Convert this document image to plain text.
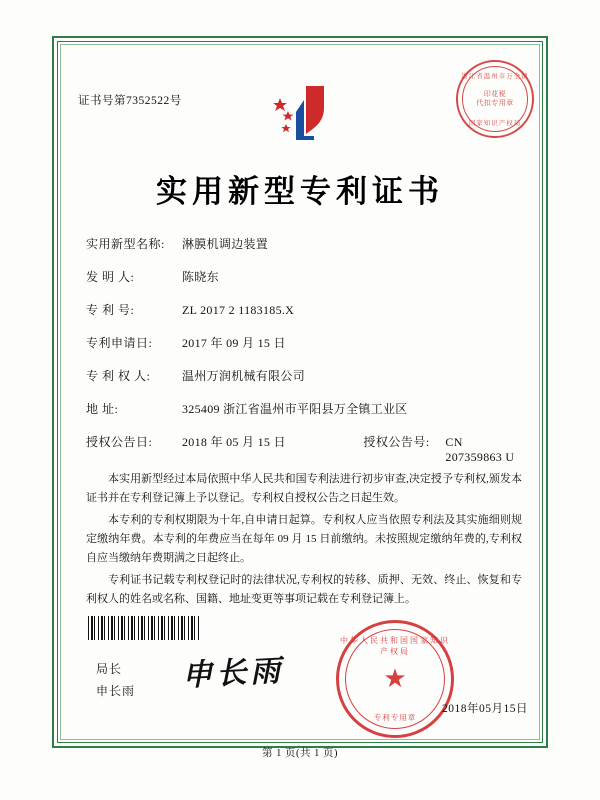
证书号第7352522号
浙江省温州市万全镇
印花税
代扣专用章
国家知识产权局
实用新型专利证书
实用新型名称:	淋膜机调边装置
发 明 人:	陈晓东
专 利 号:	ZL 2017 2 1183185.X
专利申请日:	2017 年 09 月 15 日
专 利 权 人:	温州万润机械有限公司
地 址:	325409 浙江省温州市平阳县万全镇工业区
授权公告日:	2018 年 05 月 15 日	授权公告号:	CN 207359863 U

本实用新型经过本局依照中华人民共和国专利法进行初步审查,决定授予专利权,颁发本证书并在专利登记簿上予以登记。专利权自授权公告之日起生效。

本专利的专利权期限为十年,自申请日起算。专利权人应当依照专利法及其实施细则规定缴纳年费。本专利的年费应当在每年 09 月 15 日前缴纳。未按照规定缴纳年费的,专利权自应当缴纳年费期满之日起终止。

专利证书记载专利权登记时的法律状况,专利权的转移、质押、无效、终止、恢复和专利权人的姓名或名称、国籍、地址变更等事项记载在专利登记簿上。

中华人民共和国国家知识产权局
★
专利专用章
局长
申长雨 申长雨
2018年05月15日
第 1 页(共 1 页)
